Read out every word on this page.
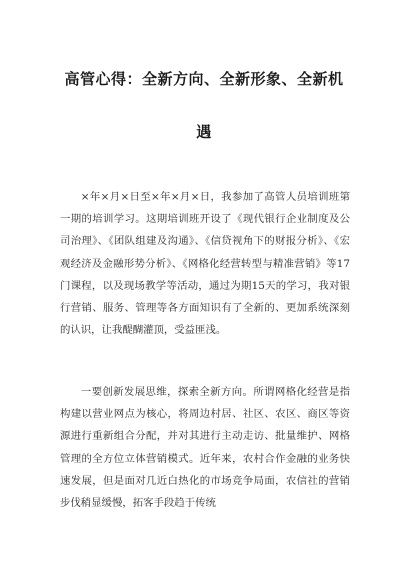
高管心得：全新方向、全新形象、全新机
遇

×年×月×日至×年×月×日，我参加了高管人员培训班第一期的培训学习。这期培训班开设了《现代银行企业制度及公司治理》、《团队组建及沟通》、《信贷视角下的财报分析》、《宏观经济及金融形势分析》、《网格化经营转型与精准营销》等17门课程，以及现场教学等活动，通过为期15天的学习，我对银行营销、服务、管理等各方面知识有了全新的、更加系统深刻的认识，让我醍醐灌顶，受益匪浅。

一要创新发展思维，探索全新方向。所谓网格化经营是指构建以营业网点为核心，将周边村居、社区、农区、商区等资源进行重新组合分配，并对其进行主动走访、批量维护、网格管理的全方位立体营销模式。近年来，农村合作金融的业务快速发展，但是面对几近白热化的市场竞争局面，农信社的营销步伐稍显缓慢，拓客手段趋于传统
